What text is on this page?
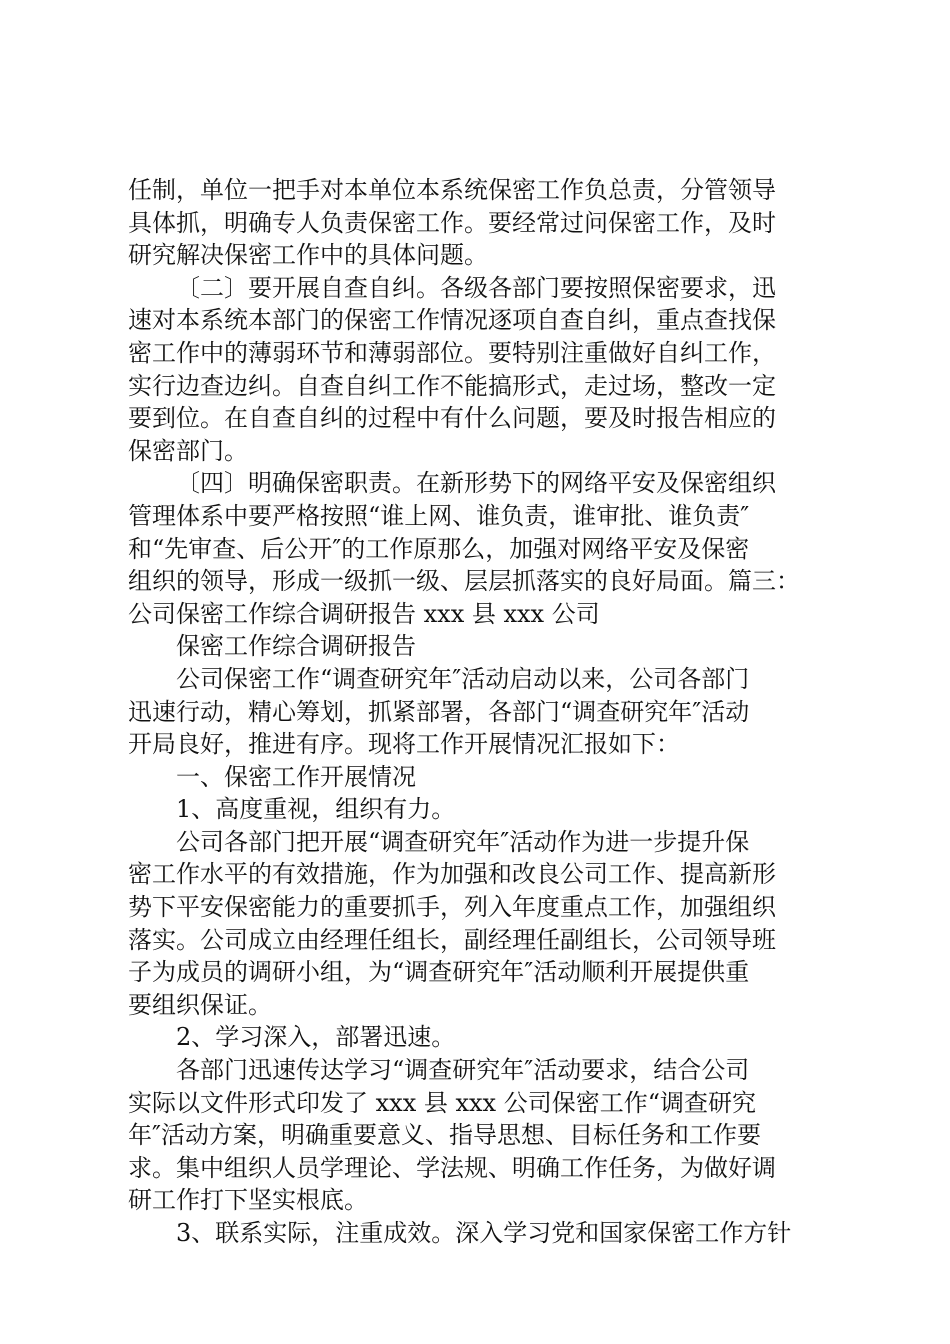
任制，单位一把手对本单位本系统保密工作负总责，分管领导
具体抓，明确专人负责保密工作。要经常过问保密工作，及时
研究解决保密工作中的具体问题。
〔二〕要开展自查自纠。各级各部门要按照保密要求，迅
速对本系统本部门的保密工作情况逐项自查自纠，重点查找保
密工作中的薄弱环节和薄弱部位。要特别注重做好自纠工作，
实行边查边纠。自查自纠工作不能搞形式，走过场，整改一定
要到位。在自查自纠的过程中有什么问题，要及时报告相应的
保密部门。
〔四〕明确保密职责。在新形势下的网络平安及保密组织
管理体系中要严格按照“谁上网、谁负责，谁审批、谁负责″
和“先审查、后公开″的工作原那么，加强对网络平安及保密
组织的领导，形成一级抓一级、层层抓落实的良好局面。篇三：
公司保密工作综合调研报告 xxx 县 xxx 公司
保密工作综合调研报告
公司保密工作“调查研究年″活动启动以来，公司各部门
迅速行动，精心筹划，抓紧部署，各部门“调查研究年″活动
开局良好，推进有序。现将工作开展情况汇报如下：
一、保密工作开展情况
1、高度重视，组织有力。
公司各部门把开展“调查研究年″活动作为进一步提升保
密工作水平的有效措施，作为加强和改良公司工作、提高新形
势下平安保密能力的重要抓手，列入年度重点工作，加强组织
落实。公司成立由经理任组长，副经理任副组长，公司领导班
子为成员的调研小组，为“调查研究年″活动顺利开展提供重
要组织保证。
2、学习深入，部署迅速。
各部门迅速传达学习“调查研究年″活动要求，结合公司
实际以文件形式印发了 xxx 县 xxx 公司保密工作“调查研究
年″活动方案，明确重要意义、指导思想、目标任务和工作要
求。集中组织人员学理论、学法规、明确工作任务，为做好调
研工作打下坚实根底。
3、联系实际，注重成效。深入学习党和国家保密工作方针
